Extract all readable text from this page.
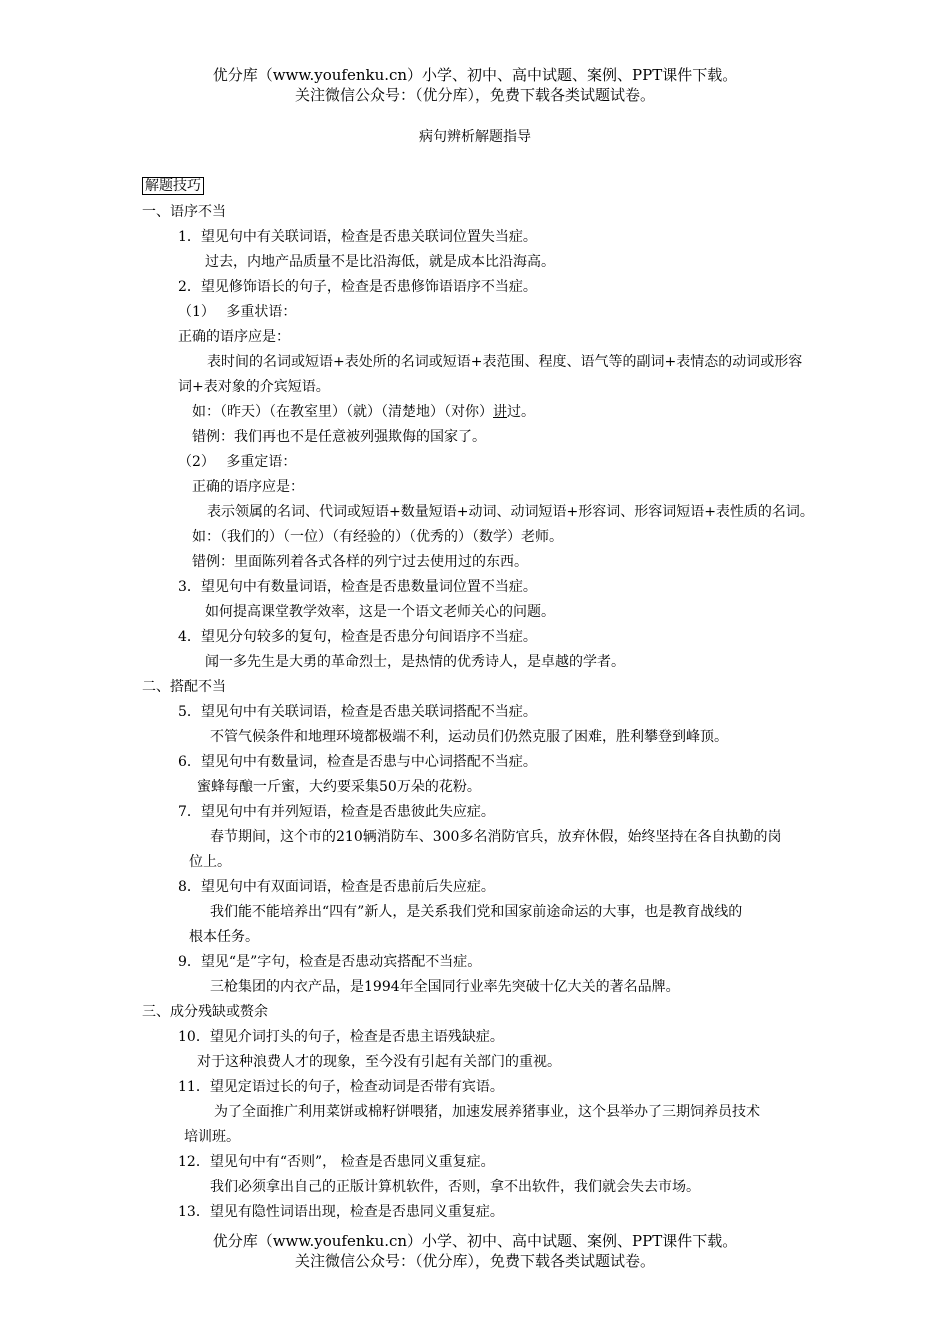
优分库（www.youfenku.cn）小学、初中、高中试题、案例、PPT课件下载。
关注微信公众号：（优分库），免费下载各类试题试卷。
病句辨析解题指导
解题技巧
一、语序不当
1．望见句中有关联词语，检查是否患关联词位置失当症。
过去，内地产品质量不是比沿海低，就是成本比沿海高。
2．望见修饰语长的句子，检查是否患修饰语语序不当症。
（1）　 多重状语：
正确的语序应是：
表时间的名词或短语+表处所的名词或短语+表范围、程度、语气等的副词+表情态的动词或形容
词+表对象的介宾短语。
如：（昨天）（在教室里）（就）（清楚地）（对你）讲过。
错例：我们再也不是任意被列强欺侮的国家了。
（2）　 多重定语：
正确的语序应是：
表示领属的名词、代词或短语+数量短语+动词、动词短语+形容词、形容词短语+表性质的名词。
如：（我们的）（一位）（有经验的）（优秀的）（数学）老师。
错例：里面陈列着各式各样的列宁过去使用过的东西。
3．望见句中有数量词语，检查是否患数量词位置不当症。
如何提高课堂教学效率，这是一个语文老师关心的问题。
4．望见分句较多的复句，检查是否患分句间语序不当症。
闻一多先生是大勇的革命烈士，是热情的优秀诗人，是卓越的学者。
二、搭配不当
5．望见句中有关联词语，检查是否患关联词搭配不当症。
不管气候条件和地理环境都极端不利，运动员们仍然克服了困难，胜利攀登到峰顶。
6．望见句中有数量词，检查是否患与中心词搭配不当症。
蜜蜂每酿一斤蜜，大约要采集50万朵的花粉。
7．望见句中有并列短语，检查是否患彼此失应症。
春节期间，这个市的210辆消防车、300多名消防官兵，放弃休假，始终坚持在各自执勤的岗
位上。
8．望见句中有双面词语，检查是否患前后失应症。
我们能不能培养出“四有”新人，是关系我们党和国家前途命运的大事，也是教育战线的
根本任务。
9．望见“是”字句，检查是否患动宾搭配不当症。
三枪集团的内衣产品，是1994年全国同行业率先突破十亿大关的著名品牌。
三、成分残缺或赘余
10．望见介词打头的句子，检查是否患主语残缺症。
对于这种浪费人才的现象，至今没有引起有关部门的重视。
11．望见定语过长的句子，检查动词是否带有宾语。
为了全面推广利用菜饼或棉籽饼喂猪，加速发展养猪事业，这个县举办了三期饲养员技术
培训班。
12．望见句中有“否则”， 检查是否患同义重复症。
我们必须拿出自己的正版计算机软件，否则，拿不出软件，我们就会失去市场。
13．望见有隐性词语出现，检查是否患同义重复症。
优分库（www.youfenku.cn）小学、初中、高中试题、案例、PPT课件下载。
关注微信公众号：（优分库），免费下载各类试题试卷。
